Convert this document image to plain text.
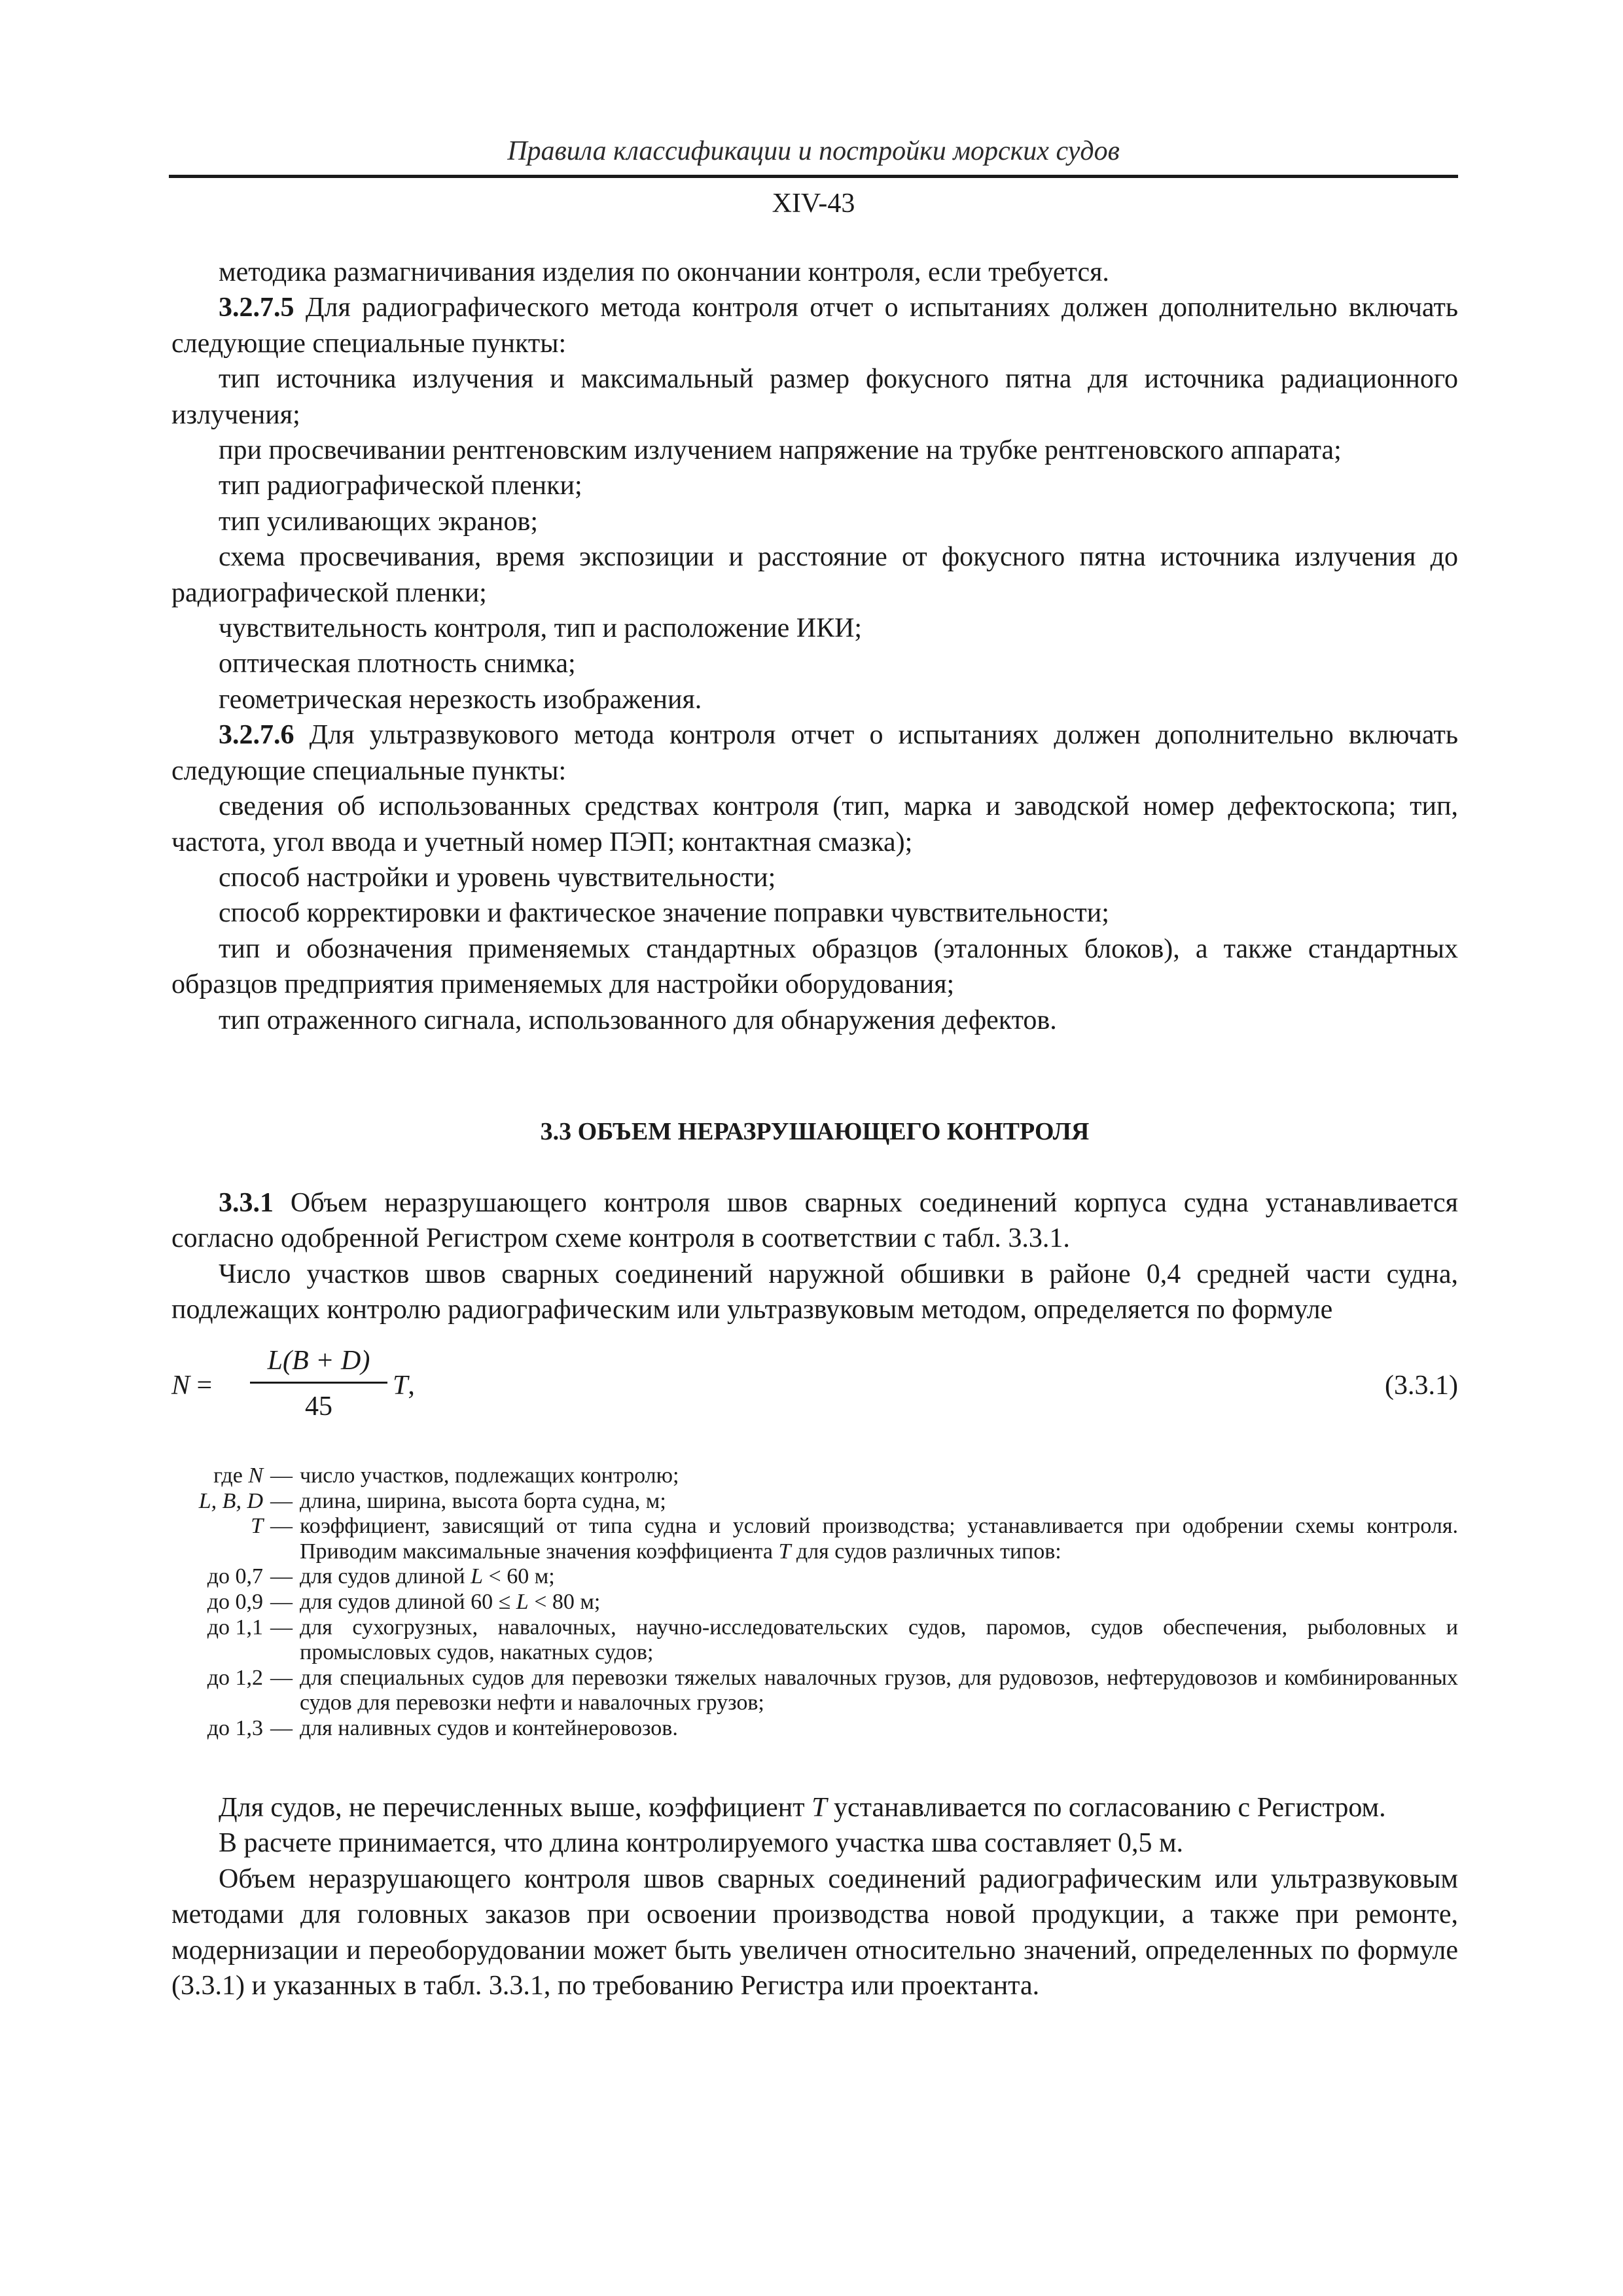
Правила классификации и постройки морских судов
XIV-43

методика размагничивания изделия по окончании контроля, если требуется.

3.2.7.5 Для радиографического метода контроля отчет о испытаниях должен дополнительно включать следующие специальные пункты:

тип источника излучения и максимальный размер фокусного пятна для источника радиационного излучения;

при просвечивании рентгеновским излучением напряжение на трубке рентгеновского аппарата;

тип радиографической пленки;

тип усиливающих экранов;

схема просвечивания, время экспозиции и расстояние от фокусного пятна источника излучения до радиографической пленки;

чувствительность контроля, тип и расположение ИКИ;

оптическая плотность снимка;

геометрическая нерезкость изображения.

3.2.7.6 Для ультразвукового метода контроля отчет о испытаниях должен дополнительно включать следующие специальные пункты:

сведения об использованных средствах контроля (тип, марка и заводской номер дефектоскопа; тип, частота, угол ввода и учетный номер ПЭП; контактная смазка);

способ настройки и уровень чувствительности;

способ корректировки и фактическое значение поправки чувствительности;

тип и обозначения применяемых стандартных образцов (эталонных блоков), а также стандартных образцов предприятия применяемых для настройки оборудования;

тип отраженного сигнала, использованного для обнаружения дефектов.

3.3 ОБЪЕМ НЕРАЗРУШАЮЩЕГО КОНТРОЛЯ

3.3.1 Объем неразрушающего контроля швов сварных соединений корпуса судна устанавливается согласно одобренной Регистром схеме контроля в соответствии с табл. 3.3.1.

Число участков швов сварных соединений наружной обшивки в районе 0,4 средней части судна, подлежащих контролю радиографическим или ультразвуковым методом, определяется по формуле

N =
L(B + D)
45
T,	(3.3.1)
где N — число участков, подлежащих контролю;
L, B, D — длина, ширина, высота борта судна, м;
T — коэффициент, зависящий от типа судна и условий производства; устанавливается при одобрении схемы контроля. Приводим максимальные значения коэффициента T для судов различных типов:
до 0,7 — для судов длиной L < 60 м;
до 0,9 — для судов длиной 60 ≤ L < 80 м;
до 1,1 — для сухогрузных, навалочных, научно-исследовательских судов, паромов, судов обеспечения, рыболовных и промысловых судов, накатных судов;
до 1,2 — для специальных судов для перевозки тяжелых навалочных грузов, для рудовозов, нефтерудовозов и комбинированных судов для перевозки нефти и навалочных грузов;
до 1,3 — для наливных судов и контейнеровозов.

Для судов, не перечисленных выше, коэффициент T устанавливается по согласованию с Регистром.

В расчете принимается, что длина контролируемого участка шва составляет 0,5 м.

Объем неразрушающего контроля швов сварных соединений радиографическим или ультразвуковым методами для головных заказов при освоении производства новой продукции, а также при ремонте, модернизации и переоборудовании может быть увеличен относительно значений, определенных по формуле (3.3.1) и указанных в табл. 3.3.1, по требованию Регистра или проектанта.
